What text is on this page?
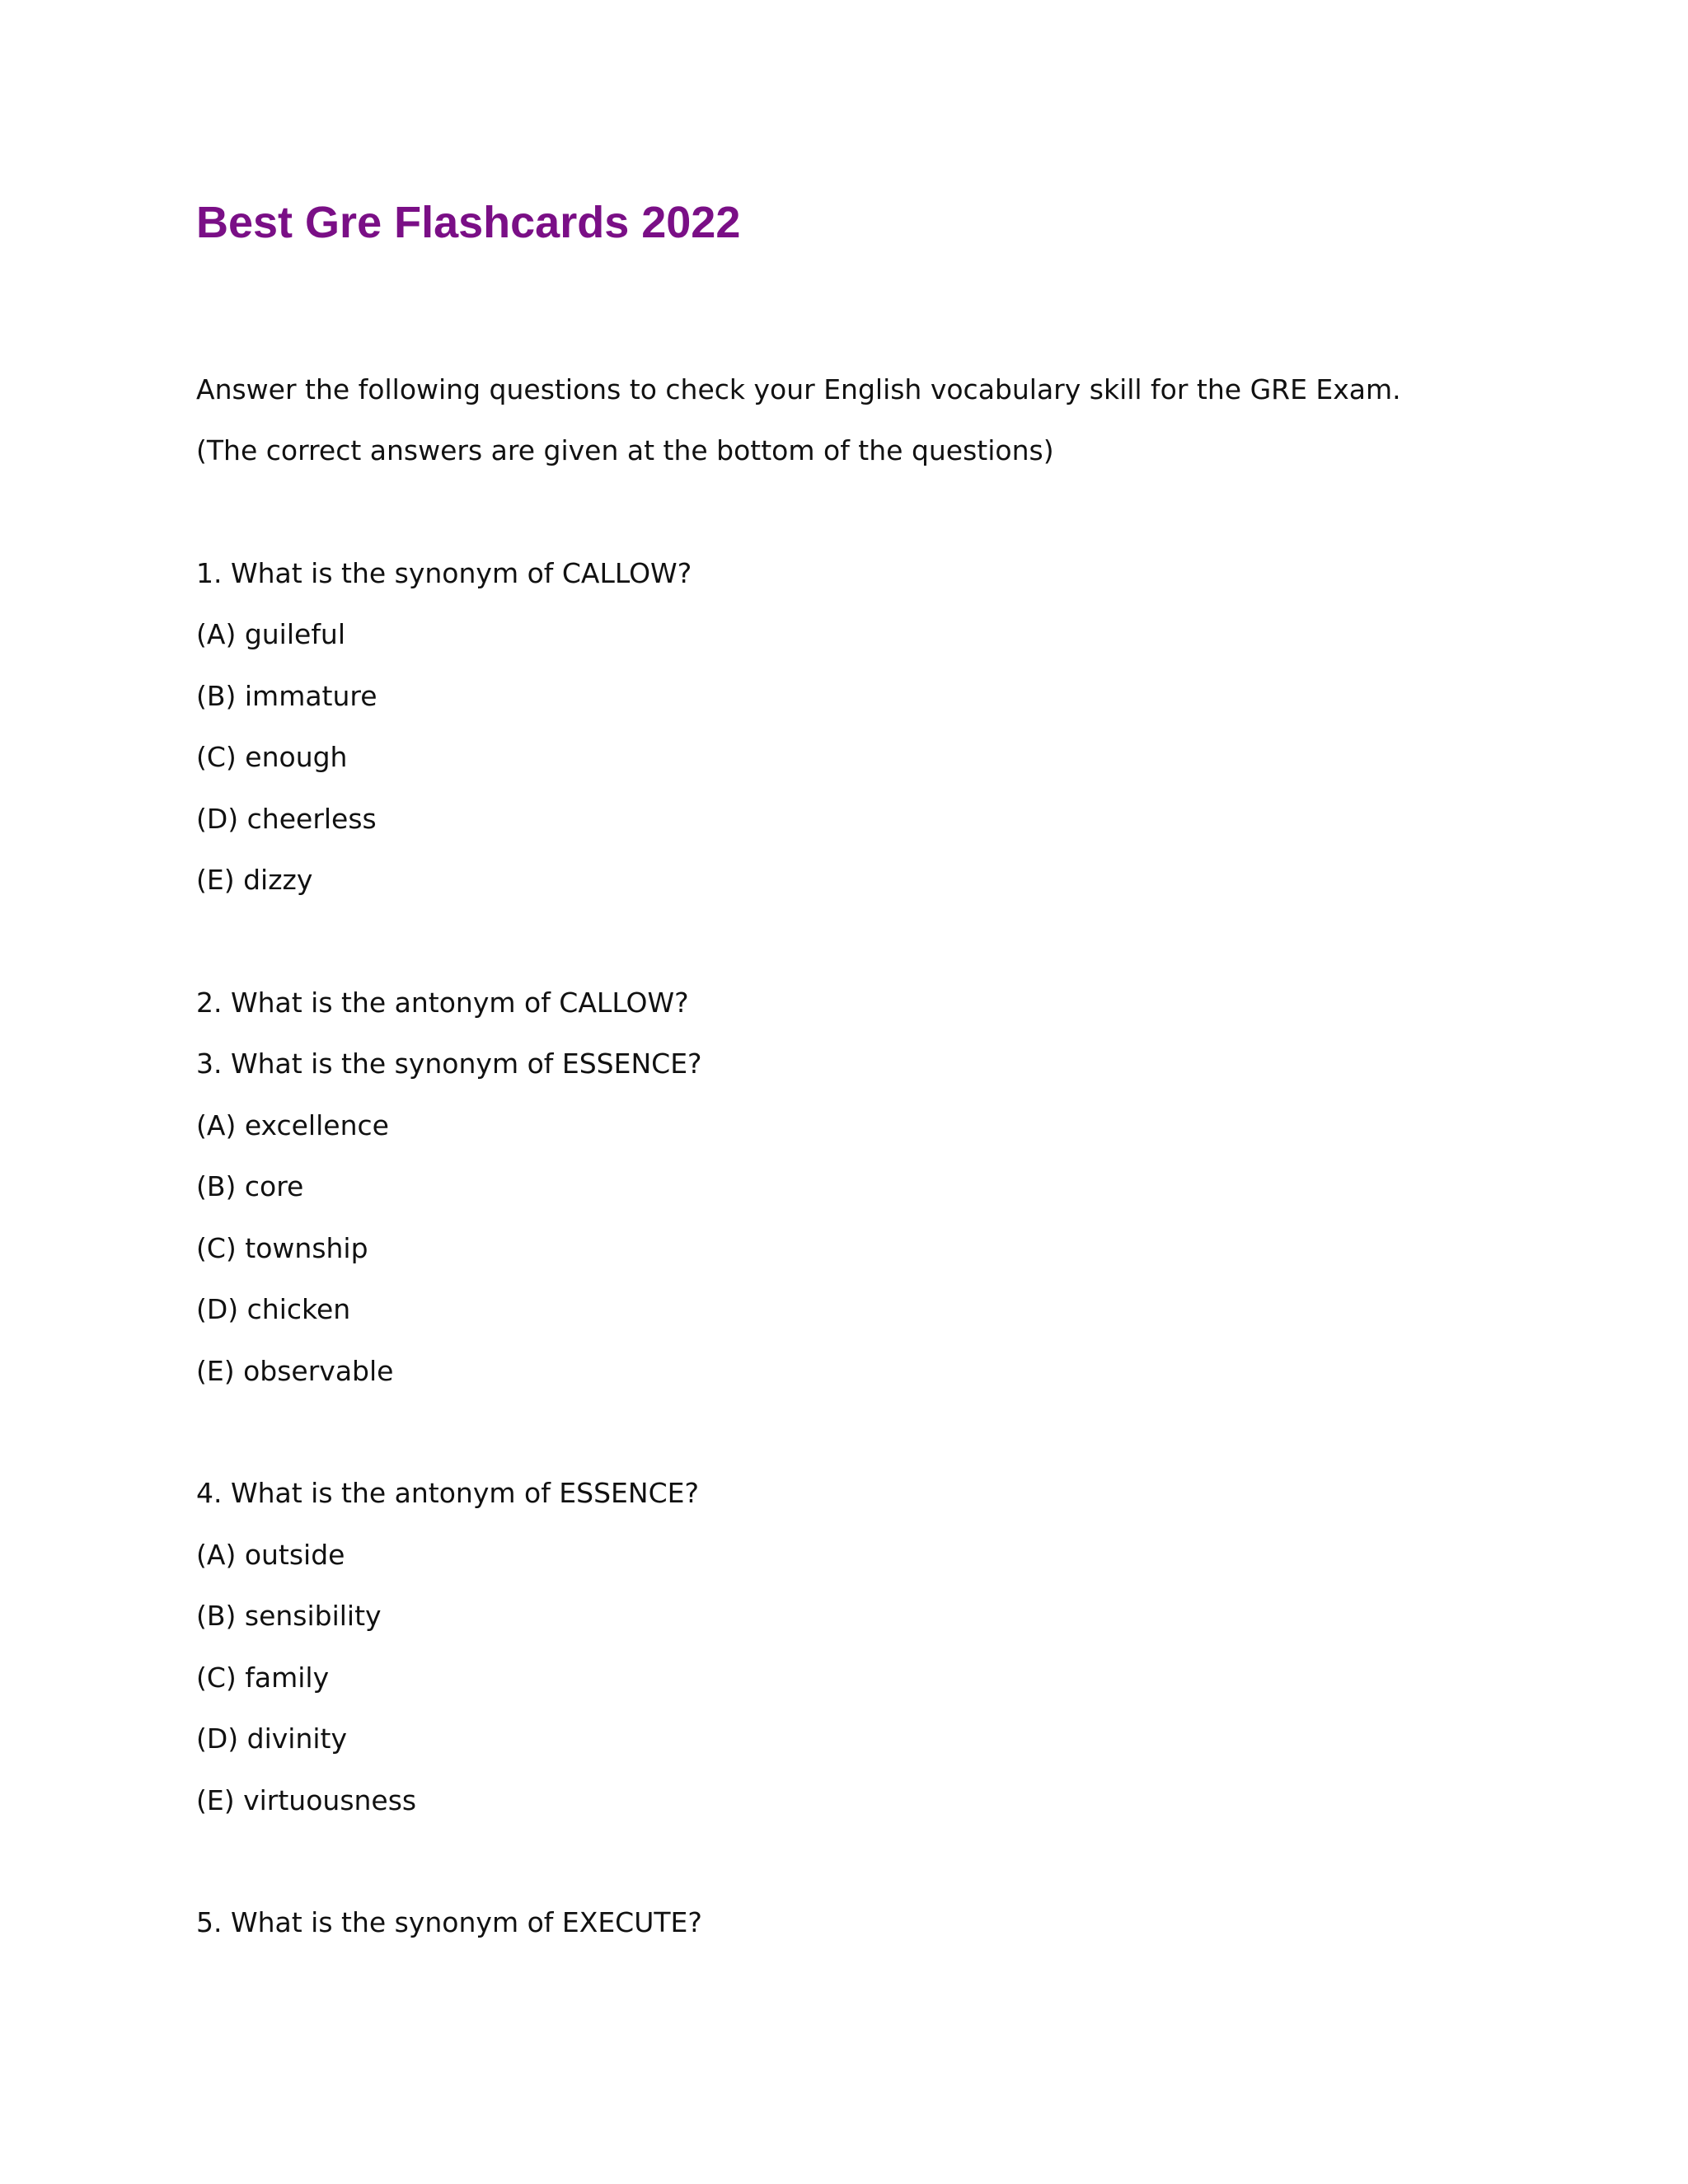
Best Gre Flashcards 2022

Answer the following questions to check your English vocabulary skill for the GRE Exam.

(The correct answers are given at the bottom of the questions)

1. What is the synonym of CALLOW?

(A) guileful

(B) immature

(C) enough

(D) cheerless

(E) dizzy

2. What is the antonym of CALLOW?

3. What is the synonym of ESSENCE?

(A) excellence

(B) core

(C) township

(D) chicken

(E) observable

4. What is the antonym of ESSENCE?

(A) outside

(B) sensibility

(C) family

(D) divinity

(E) virtuousness

5. What is the synonym of EXECUTE?
